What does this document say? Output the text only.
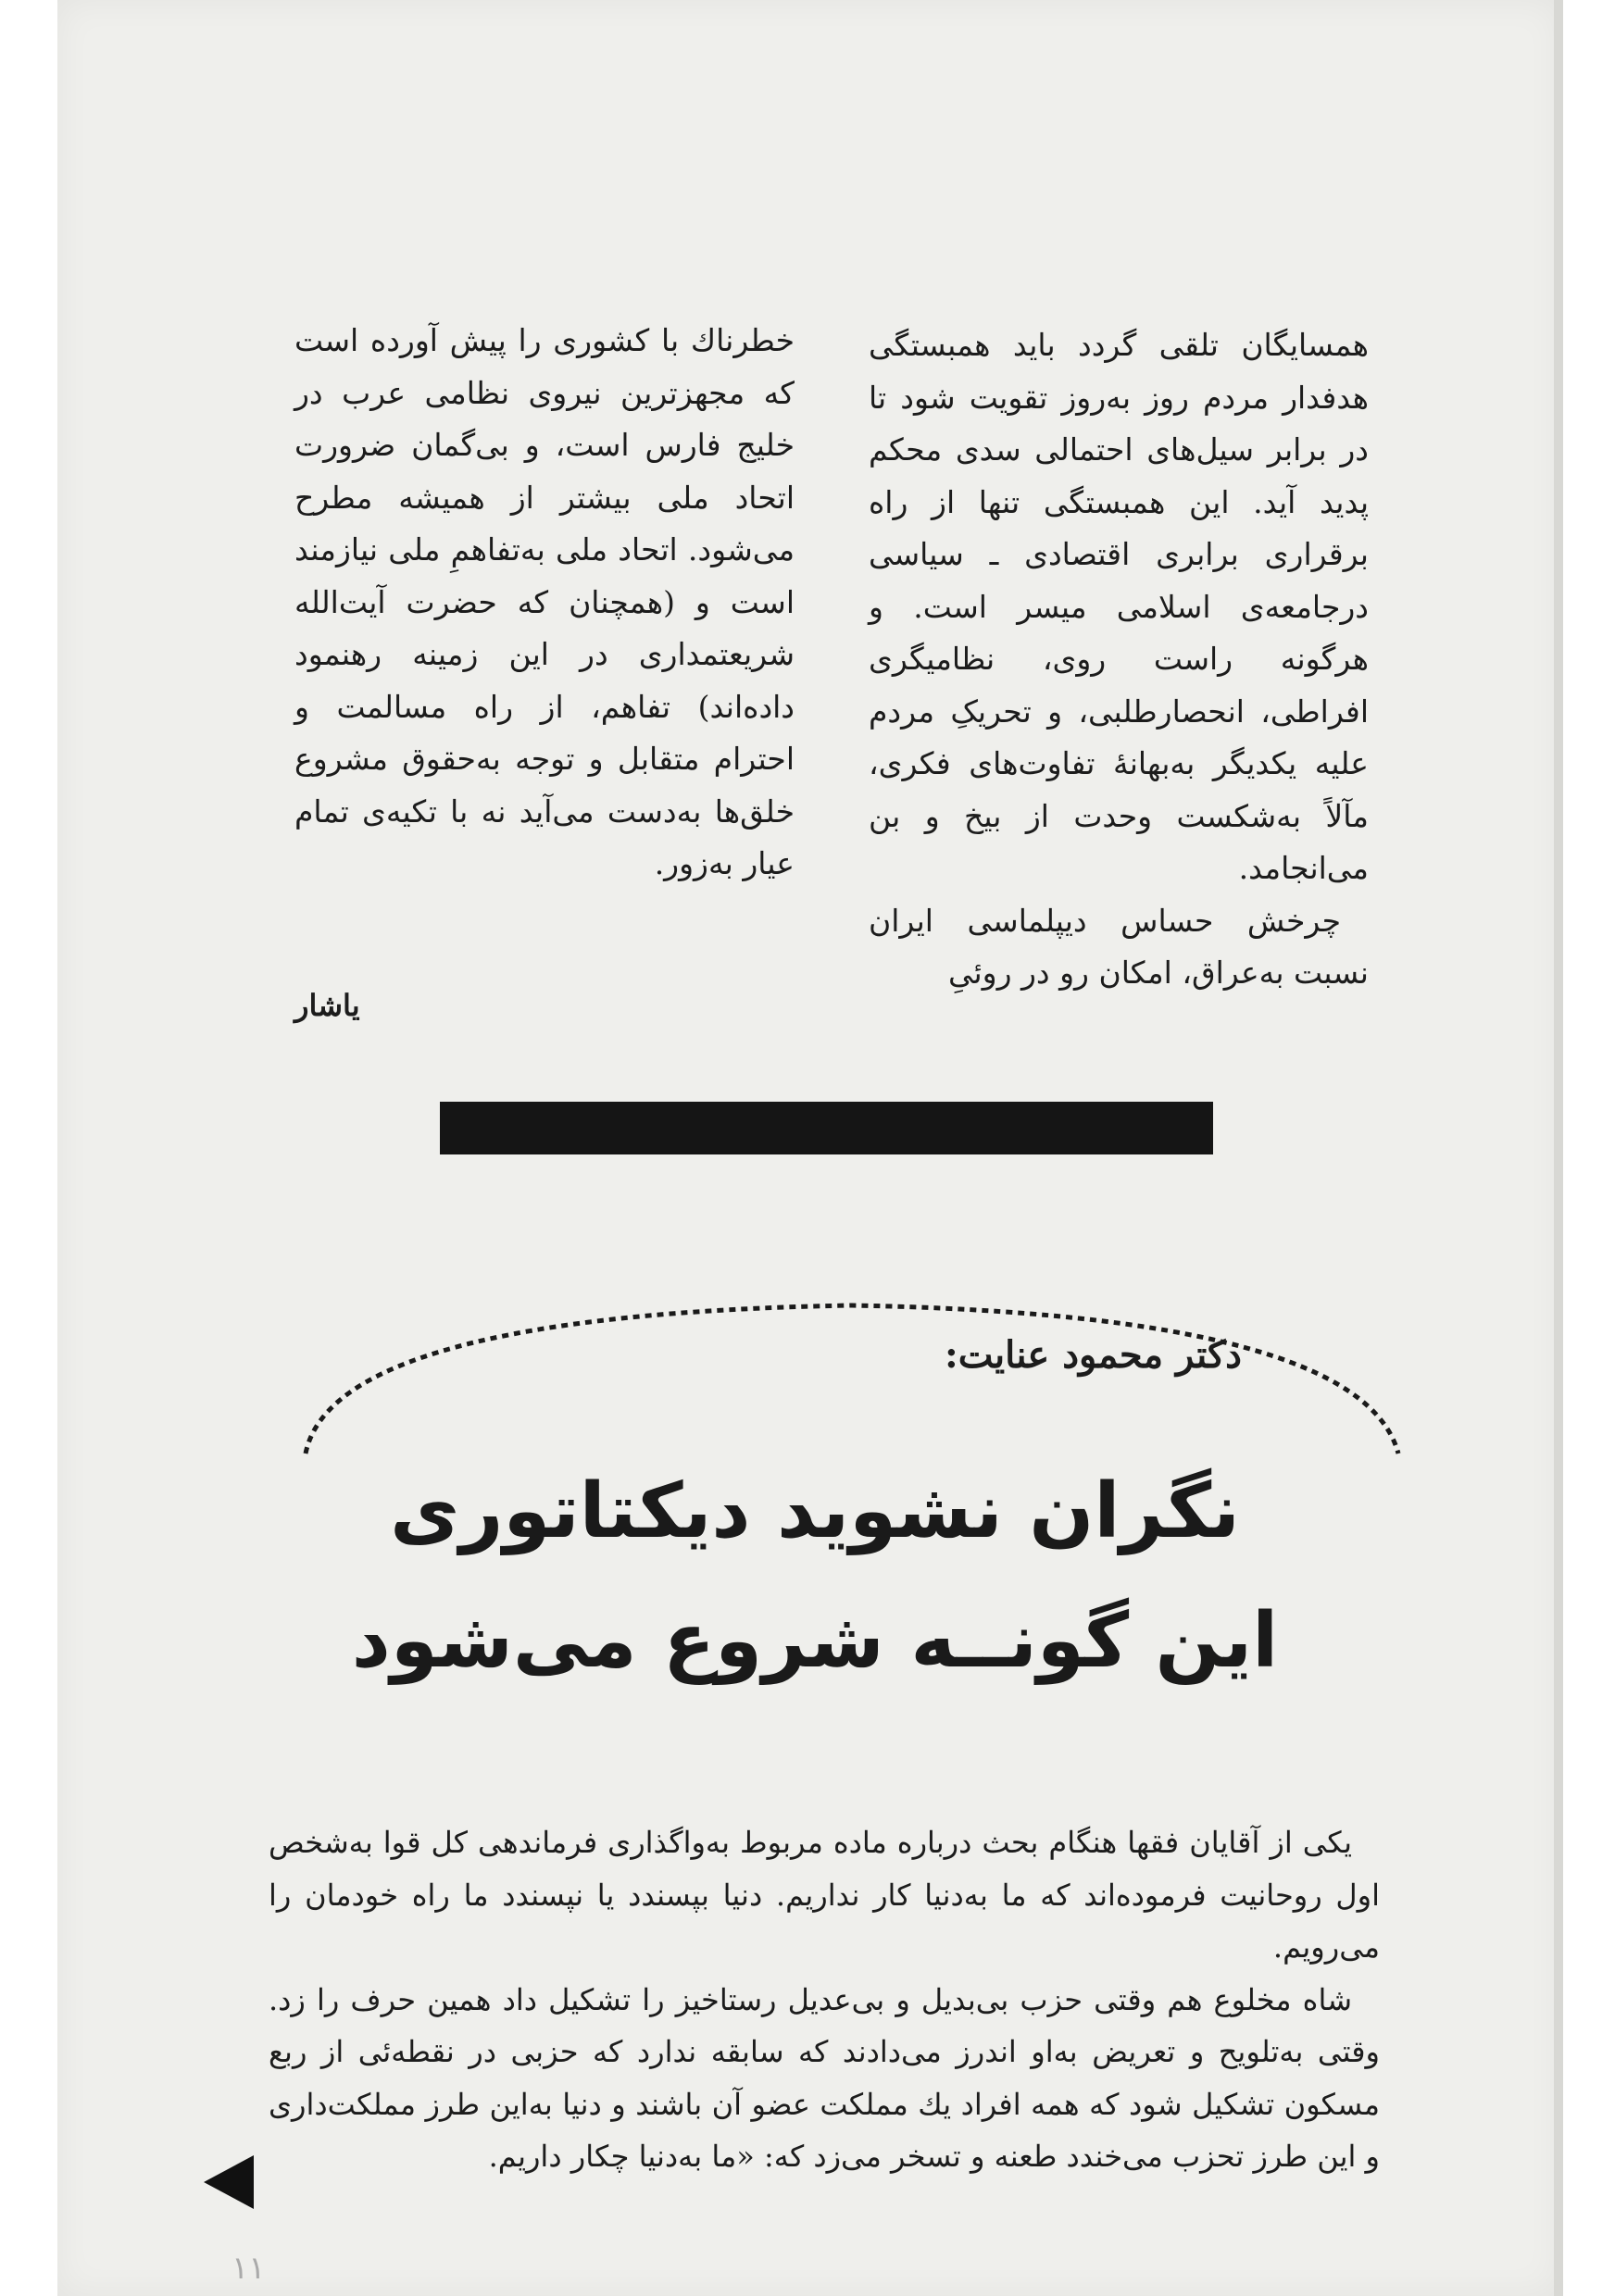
همسایگان تلقی گردد باید همبستگی هدفدار مردم روز به‌روز تقویت شود تا در برابر سیل‌های احتمالی سدی محکم پدید آید. این همبستگی تنها از راه برقراری برابری اقتصادی ـ سیاسی درجامعه‌ی اسلامی میسر است. و هرگونه راست روی، نظامیگری افراطی، انحصارطلبی، و تحریکِ مردم علیه یکدیگر به‌بهانهٔ تفاوت‌های فکری، مآلاً به‌شکست وحدت از بیخ و بن می‌انجامد.

چرخش حساس دیپلماسی ایران نسبت به‌عراق، امکان رو در روئیِ

خطرناك با کشوری را پیش آورده است که مجهزترین نیروی نظامی عرب در خلیج فارس است، و بی‌گمان ضرورت اتحاد ملی بیشتر از همیشه مطرح می‌شود. اتحاد ملی به‌تفاهمِ ملی نیازمند است و (همچنان که حضرت آیت‌الله شریعتمداری در این زمینه رهنمود داده‌اند) تفاهم، از راه مسالمت و احترام متقابل و توجه به‌حقوق مشروع خلق‌ها به‌دست می‌آید نه با تکیه‌ی تمام عیار به‌زور.

یاشار
دکتر محمود عنایت:
نگران نشوید دیکتاتوری
این گونــه شروع می‌شود

یکی از آقایان فقها هنگام بحث درباره ماده مربوط به‌واگذاری فرماندهی کل قوا به‌شخص اول روحانیت فرموده‌اند که ما به‌دنیا کار نداریم. دنیا بپسندد یا نپسندد ما راه خودمان را می‌رویم.

شاه مخلوع هم وقتی حزب بی‌بدیل و بی‌عدیل رستاخیز را تشکیل داد همین حرف را زد. وقتی به‌تلویح و تعریض به‌او اندرز می‌دادند که سابقه ندارد که حزبی در نقطه‌ئی از ربع مسکون تشکیل شود که همه افراد یك مملکت عضو آن باشند و دنیا به‌این طرز مملکت‌داری و این طرز تحزب می‌خندد طعنه و تسخر می‌زد که: «ما به‌دنیا چکار داریم.

۱۱
